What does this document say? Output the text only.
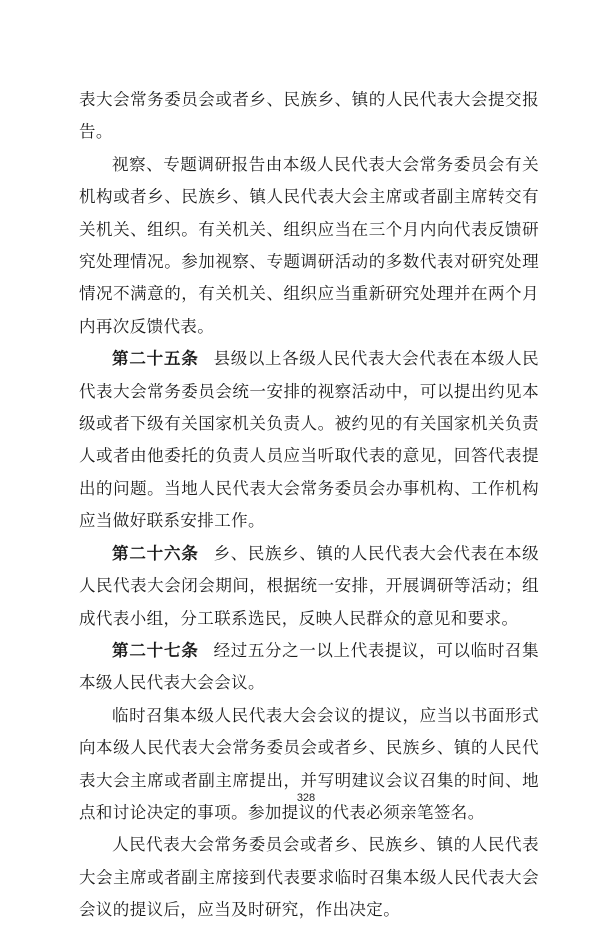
表大会常务委员会或者乡、民族乡、镇的人民代表大会提交报告。

视察、专题调研报告由本级人民代表大会常务委员会有关机构或者乡、民族乡、镇人民代表大会主席或者副主席转交有关机关、组织。有关机关、组织应当在三个月内向代表反馈研究处理情况。参加视察、专题调研活动的多数代表对研究处理情况不满意的，有关机关、组织应当重新研究处理并在两个月内再次反馈代表。

第二十五条 县级以上各级人民代表大会代表在本级人民代表大会常务委员会统一安排的视察活动中，可以提出约见本级或者下级有关国家机关负责人。被约见的有关国家机关负责人或者由他委托的负责人员应当听取代表的意见，回答代表提出的问题。当地人民代表大会常务委员会办事机构、工作机构应当做好联系安排工作。

第二十六条 乡、民族乡、镇的人民代表大会代表在本级人民代表大会闭会期间，根据统一安排，开展调研等活动；组成代表小组，分工联系选民，反映人民群众的意见和要求。

第二十七条 经过五分之一以上代表提议，可以临时召集本级人民代表大会会议。

临时召集本级人民代表大会会议的提议，应当以书面形式向本级人民代表大会常务委员会或者乡、民族乡、镇的人民代表大会主席或者副主席提出，并写明建议会议召集的时间、地点和讨论决定的事项。参加提议的代表必须亲笔签名。

人民代表大会常务委员会或者乡、民族乡、镇的人民代表大会主席或者副主席接到代表要求临时召集本级人民代表大会会议的提议后，应当及时研究，作出决定。

328
